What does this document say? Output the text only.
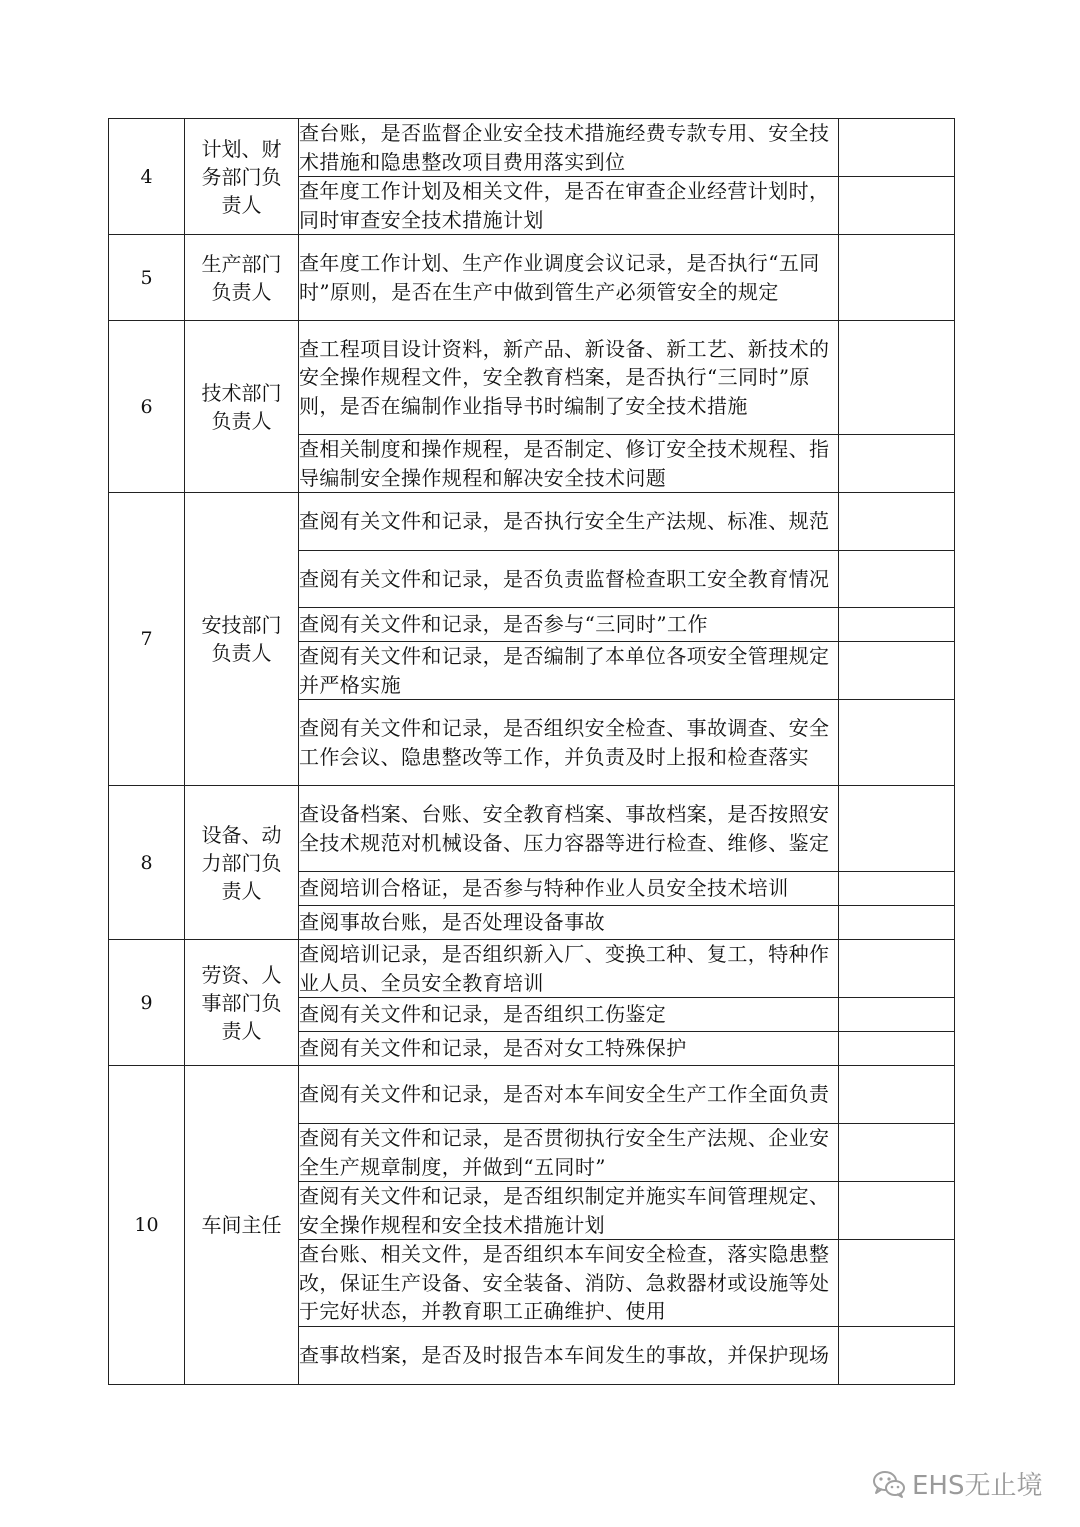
4	计划、财务部门负责人	查台账，是否监督企业安全技术措施经费专款专用、安全技术措施和隐患整改项目费用落实到位	
		查年度工作计划及相关文件，是否在审查企业经营计划时，同时审查安全技术措施计划	
5	生产部门负责人	查年度工作计划、生产作业调度会议记录，是否执行“五同时”原则，是否在生产中做到管生产必须管安全的规定	
6	技术部门负责人	查工程项目设计资料，新产品、新设备、新工艺、新技术的安全操作规程文件，安全教育档案，是否执行“三同时”原则，是否在编制作业指导书时编制了安全技术措施	
		查相关制度和操作规程，是否制定、修订安全技术规程、指导编制安全操作规程和解决安全技术问题	
7	安技部门负责人	查阅有关文件和记录，是否执行安全生产法规、标准、规范	
		查阅有关文件和记录，是否负责监督检查职工安全教育情况	
		查阅有关文件和记录，是否参与“三同时”工作	
		查阅有关文件和记录，是否编制了本单位各项安全管理规定并严格实施	
		查阅有关文件和记录，是否组织安全检查、事故调查、安全工作会议、隐患整改等工作，并负责及时上报和检查落实	
8	设备、动力部门负责人	查设备档案、台账、安全教育档案、事故档案，是否按照安全技术规范对机械设备、压力容器等进行检查、维修、鉴定	
		查阅培训合格证，是否参与特种作业人员安全技术培训	
		查阅事故台账，是否处理设备事故	
9	劳资、人事部门负责人	查阅培训记录，是否组织新入厂、变换工种、复工，特种作业人员、全员安全教育培训	
		查阅有关文件和记录，是否组织工伤鉴定	
		查阅有关文件和记录，是否对女工特殊保护	
10	车间主任	查阅有关文件和记录，是否对本车间安全生产工作全面负责	
		查阅有关文件和记录，是否贯彻执行安全生产法规、企业安全生产规章制度，并做到“五同时”	
		查阅有关文件和记录，是否组织制定并施实车间管理规定、安全操作规程和安全技术措施计划	
		查台账、相关文件，是否组织本车间安全检查，落实隐患整改，保证生产设备、安全装备、消防、急救器材或设施等处于完好状态，并教育职工正确维护、使用	
		查事故档案，是否及时报告本车间发生的事故，并保护现场	
EHS无止境
